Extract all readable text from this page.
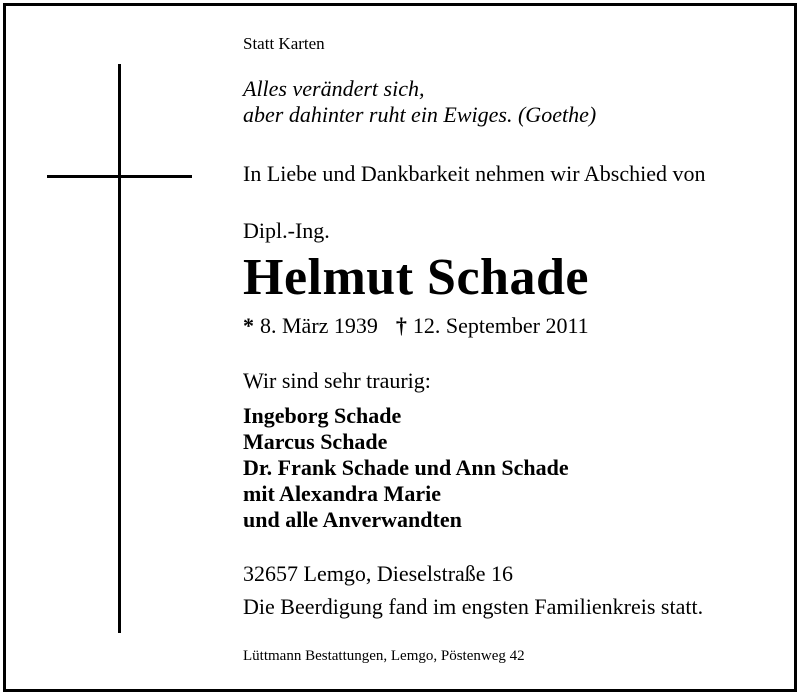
Statt Karten

Alles verändert sich,

aber dahinter ruht ein Ewiges. (Goethe)

In Liebe und Dankbarkeit nehmen wir Abschied von

Dipl.-Ing.

Helmut Schade

* 8. März 1939 † 12. September 2011

Wir sind sehr traurig:

Ingeborg Schade

Marcus Schade

Dr. Frank Schade und Ann Schade

mit Alexandra Marie

und alle Anverwandten

32657 Lemgo, Dieselstraße 16

Die Beerdigung fand im engsten Familienkreis statt.

Lüttmann Bestattungen, Lemgo, Pöstenweg 42
